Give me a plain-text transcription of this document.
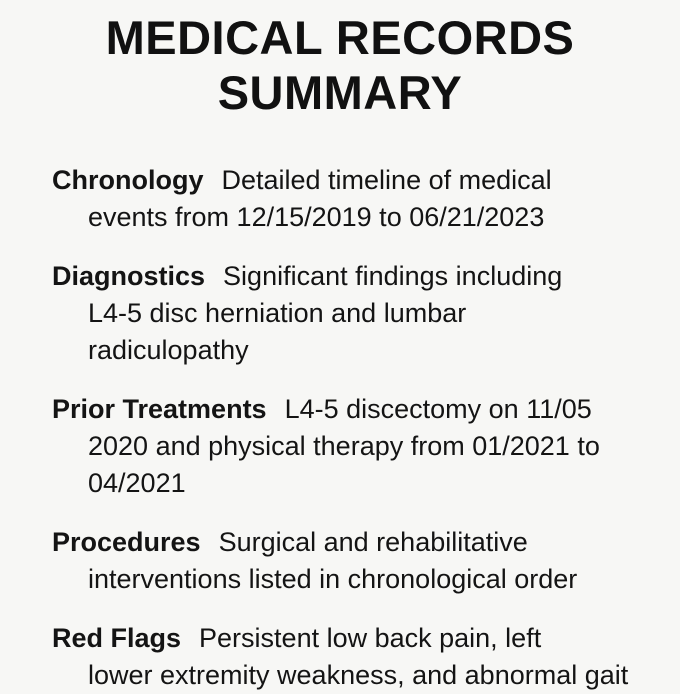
MEDICAL RECORDS
SUMMARY
Chronology Detailed timeline of medical
events from 12/15/2019 to 06/21/2023
Diagnostics Significant findings including
L4-5 disc herniation and lumbar
radiculopathy
Prior Treatments L4-5 discectomy on 11/05
2020 and physical therapy from 01/2021 to
04/2021
Procedures Surgical and rehabilitative
interventions listed in chronological order
Red Flags Persistent low back pain, left
lower extremity weakness, and abnormal gait
